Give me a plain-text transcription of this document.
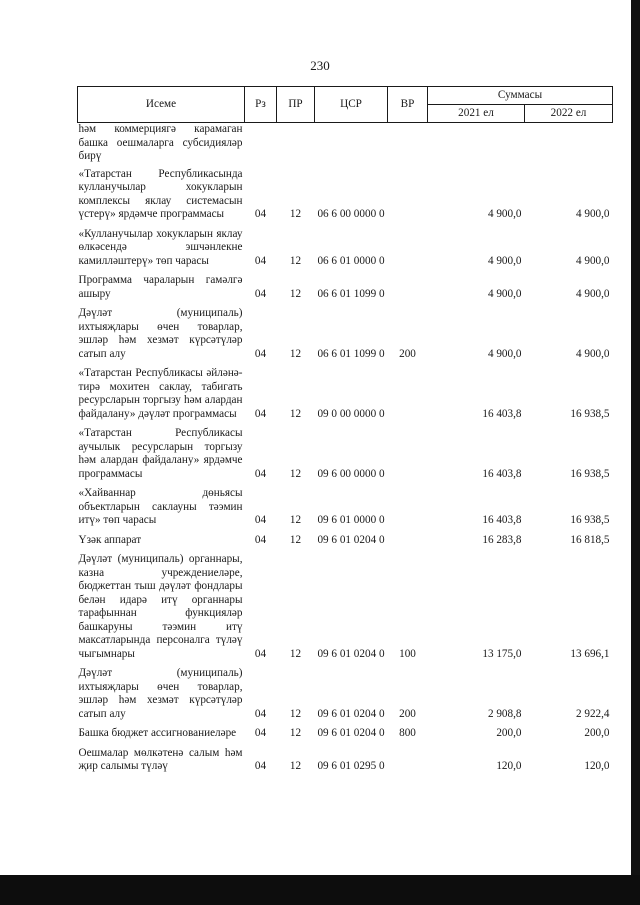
230
Исеме	Рз	ПР	ЦСР	ВР	Суммасы	
					2021 ел	2022 ел
һәм коммерциягә карамаган башка оешмаларга субсидияләр бирү						
«Татарстан Республикасында кулланучылар хокукларын комплексы яклау системасын үстерү» ярдәмче программасы	04	12	06 6 00 0000 0		4 900,0	4 900,0
«Кулланучылар хокукларын яклау өлкәсендә эшчәнлекне камилләштерү» төп чарасы	04	12	06 6 01 0000 0		4 900,0	4 900,0
Программа чараларын гамәлгә ашыру	04	12	06 6 01 1099 0		4 900,0	4 900,0
Дәүләт (муниципаль) ихтыяҗлары өчен товарлар, эшләр һәм хезмәт күрсәтүләр сатып алу	04	12	06 6 01 1099 0	200	4 900,0	4 900,0
«Татарстан Республикасы әйләнә-тирә мохитен саклау, табигать ресурсларын торгызу һәм алардан файдалану» дәүләт программасы	04	12	09 0 00 0000 0		16 403,8	16 938,5
«Татарстан Республикасы аучылык ресурсларын торгызу һәм алардан файдалану» ярдәмче программасы	04	12	09 6 00 0000 0		16 403,8	16 938,5
«Хайваннар дөньясы объектларын саклауны тәэмин итү» төп чарасы	04	12	09 6 01 0000 0		16 403,8	16 938,5
Үзәк аппарат	04	12	09 6 01 0204 0		16 283,8	16 818,5
Дәүләт (муниципаль) органнары, казна учреждениеләре, бюджеттан тыш дәүләт фондлары белән идарә итү органнары тарафыннан функцияләр башкаруны тәэмин итү максатларында персоналга түләү чыгымнары	04	12	09 6 01 0204 0	100	13 175,0	13 696,1
Дәүләт (муниципаль) ихтыяҗлары өчен товарлар, эшләр һәм хезмәт күрсәтүләр сатып алу	04	12	09 6 01 0204 0	200	2 908,8	2 922,4
Башка бюджет ассигнованиеләре	04	12	09 6 01 0204 0	800	200,0	200,0
Оешмалар мөлкәтенә салым һәм җир салымы түләү	04	12	09 6 01 0295 0		120,0	120,0
